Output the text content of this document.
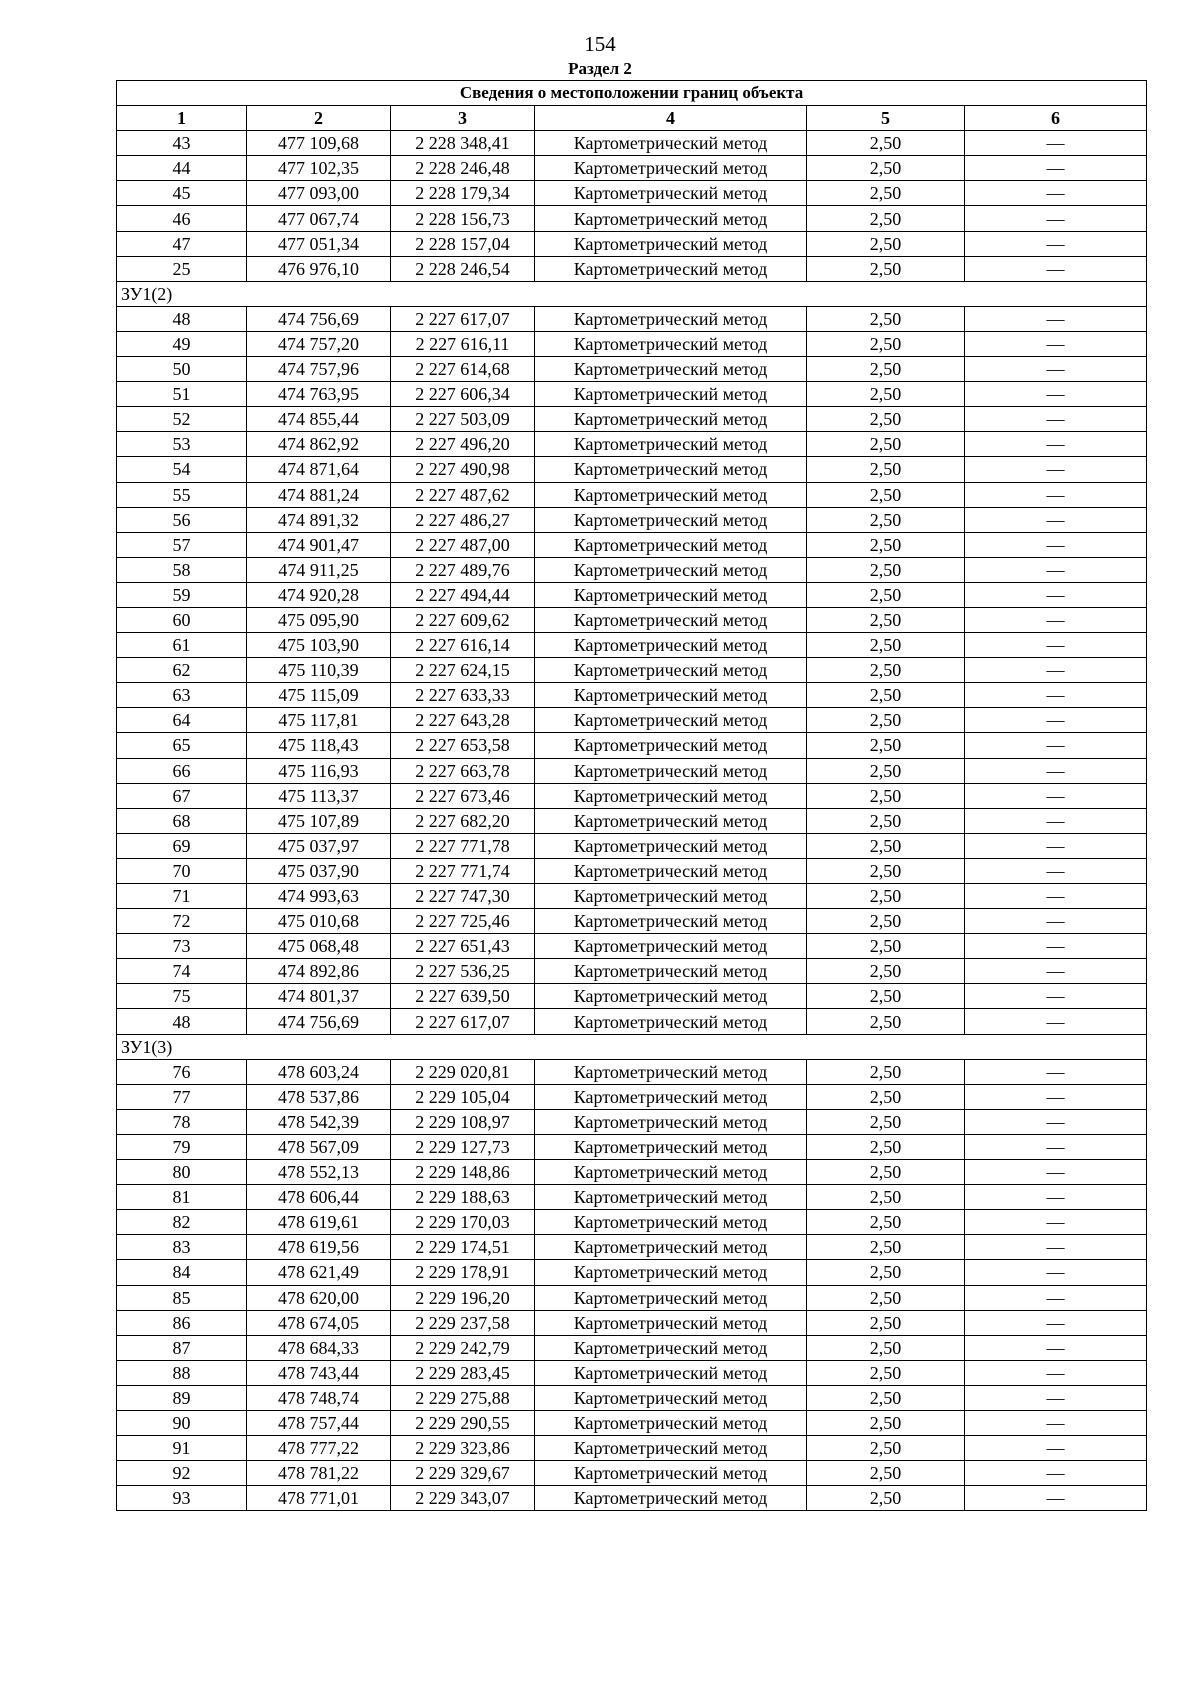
154
Раздел 2
Сведения о местоположении границ объекта					
1	2	3	4	5	6
43	477 109,68	2 228 348,41	Картометрический метод	2,50	—
44	477 102,35	2 228 246,48	Картометрический метод	2,50	—
45	477 093,00	2 228 179,34	Картометрический метод	2,50	—
46	477 067,74	2 228 156,73	Картометрический метод	2,50	—
47	477 051,34	2 228 157,04	Картометрический метод	2,50	—
25	476 976,10	2 228 246,54	Картометрический метод	2,50	—
ЗУ1(2)					
48	474 756,69	2 227 617,07	Картометрический метод	2,50	—
49	474 757,20	2 227 616,11	Картометрический метод	2,50	—
50	474 757,96	2 227 614,68	Картометрический метод	2,50	—
51	474 763,95	2 227 606,34	Картометрический метод	2,50	—
52	474 855,44	2 227 503,09	Картометрический метод	2,50	—
53	474 862,92	2 227 496,20	Картометрический метод	2,50	—
54	474 871,64	2 227 490,98	Картометрический метод	2,50	—
55	474 881,24	2 227 487,62	Картометрический метод	2,50	—
56	474 891,32	2 227 486,27	Картометрический метод	2,50	—
57	474 901,47	2 227 487,00	Картометрический метод	2,50	—
58	474 911,25	2 227 489,76	Картометрический метод	2,50	—
59	474 920,28	2 227 494,44	Картометрический метод	2,50	—
60	475 095,90	2 227 609,62	Картометрический метод	2,50	—
61	475 103,90	2 227 616,14	Картометрический метод	2,50	—
62	475 110,39	2 227 624,15	Картометрический метод	2,50	—
63	475 115,09	2 227 633,33	Картометрический метод	2,50	—
64	475 117,81	2 227 643,28	Картометрический метод	2,50	—
65	475 118,43	2 227 653,58	Картометрический метод	2,50	—
66	475 116,93	2 227 663,78	Картометрический метод	2,50	—
67	475 113,37	2 227 673,46	Картометрический метод	2,50	—
68	475 107,89	2 227 682,20	Картометрический метод	2,50	—
69	475 037,97	2 227 771,78	Картометрический метод	2,50	—
70	475 037,90	2 227 771,74	Картометрический метод	2,50	—
71	474 993,63	2 227 747,30	Картометрический метод	2,50	—
72	475 010,68	2 227 725,46	Картометрический метод	2,50	—
73	475 068,48	2 227 651,43	Картометрический метод	2,50	—
74	474 892,86	2 227 536,25	Картометрический метод	2,50	—
75	474 801,37	2 227 639,50	Картометрический метод	2,50	—
48	474 756,69	2 227 617,07	Картометрический метод	2,50	—
ЗУ1(3)					
76	478 603,24	2 229 020,81	Картометрический метод	2,50	—
77	478 537,86	2 229 105,04	Картометрический метод	2,50	—
78	478 542,39	2 229 108,97	Картометрический метод	2,50	—
79	478 567,09	2 229 127,73	Картометрический метод	2,50	—
80	478 552,13	2 229 148,86	Картометрический метод	2,50	—
81	478 606,44	2 229 188,63	Картометрический метод	2,50	—
82	478 619,61	2 229 170,03	Картометрический метод	2,50	—
83	478 619,56	2 229 174,51	Картометрический метод	2,50	—
84	478 621,49	2 229 178,91	Картометрический метод	2,50	—
85	478 620,00	2 229 196,20	Картометрический метод	2,50	—
86	478 674,05	2 229 237,58	Картометрический метод	2,50	—
87	478 684,33	2 229 242,79	Картометрический метод	2,50	—
88	478 743,44	2 229 283,45	Картометрический метод	2,50	—
89	478 748,74	2 229 275,88	Картометрический метод	2,50	—
90	478 757,44	2 229 290,55	Картометрический метод	2,50	—
91	478 777,22	2 229 323,86	Картометрический метод	2,50	—
92	478 781,22	2 229 329,67	Картометрический метод	2,50	—
93	478 771,01	2 229 343,07	Картометрический метод	2,50	—
